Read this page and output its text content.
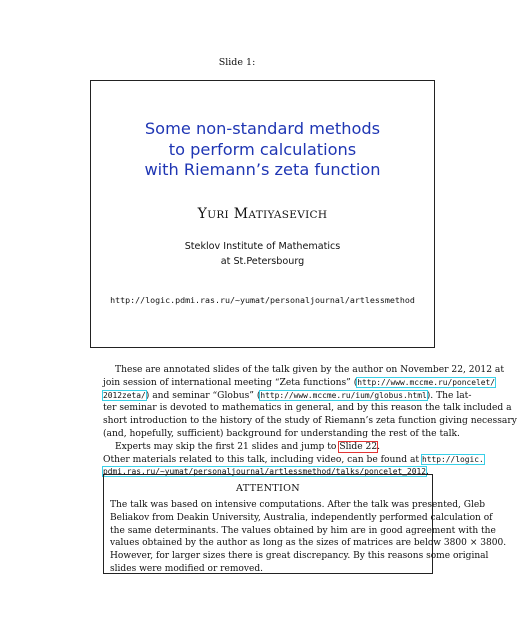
Slide 1:
Some non-standard methods
to perform calculations
with Riemann’s zeta function
YURI MATIYASEVICH
Steklov Institute of Mathematics
at St.Petersbourg
http://logic.pdmi.ras.ru/~yumat/personaljournal/artlessmethod
These are annotated slides of the talk given by the author on November 22, 2012 at
join session of international meeting “Zeta functions” (http://www.mccme.ru/poncelet/
2012zeta/) and seminar “Globus” (http://www.mccme.ru/ium/globus.html). The lat-
ter seminar is devoted to mathematics in general, and by this reason the talk included a
short introduction to the history of the study of Riemann’s zeta function giving necessary
(and, hopefully, sufficient) background for understanding the rest of the talk.
Experts may skip the first 21 slides and jump to Slide 22.
Other materials related to this talk, including video, can be found at http://logic.
pdmi.ras.ru/~yumat/personaljournal/artlessmethod/talks/poncelet_2012.
ATTENTION
The talk was based on intensive computations. After the talk was presented, Gleb
Beliakov from Deakin University, Australia, independently performed calculation of
the same determinants. The values obtained by him are in good agreement with the
values obtained by the author as long as the sizes of matrices are below 3800 × 3800.
However, for larger sizes there is great discrepancy. By this reasons some original
slides were modified or removed.
